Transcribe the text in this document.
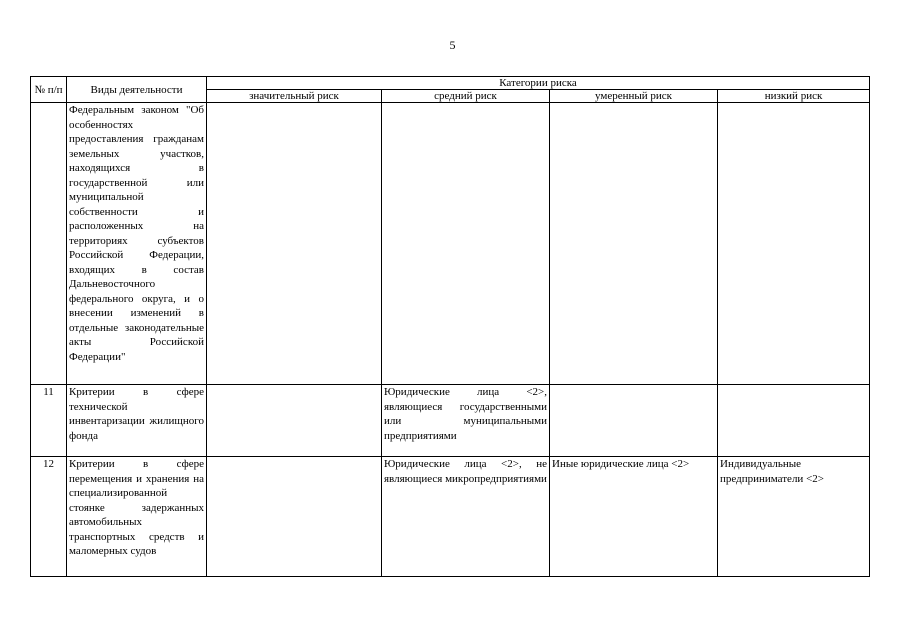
5
№ п/п	Виды деятельности	Категории риска			
		значительный риск	средний риск	умеренный риск	низкий риск
	Федеральным законом "Об особенностях предоставления гражданам земельных участков, находящихся в государственной или муниципальной собственности и расположенных на территориях субъектов Российской Федерации, входящих в состав Дальневосточного федерального округа, и о внесении изменений в отдельные законодательные акты Российской Федерации"				
11	Критерии в сфере технической инвентаризации жилищного фонда		Юридические лица <2>, являющиеся государственными или муниципальными предприятиями		
12	Критерии в сфере перемещения и хранения на специализированной стоянке задержанных автомобильных транспортных средств и маломерных судов		Юридические лица <2>, не являющиеся микропредприятиями	Иные юридические лица <2>	Индивидуальные предприниматели <2>
